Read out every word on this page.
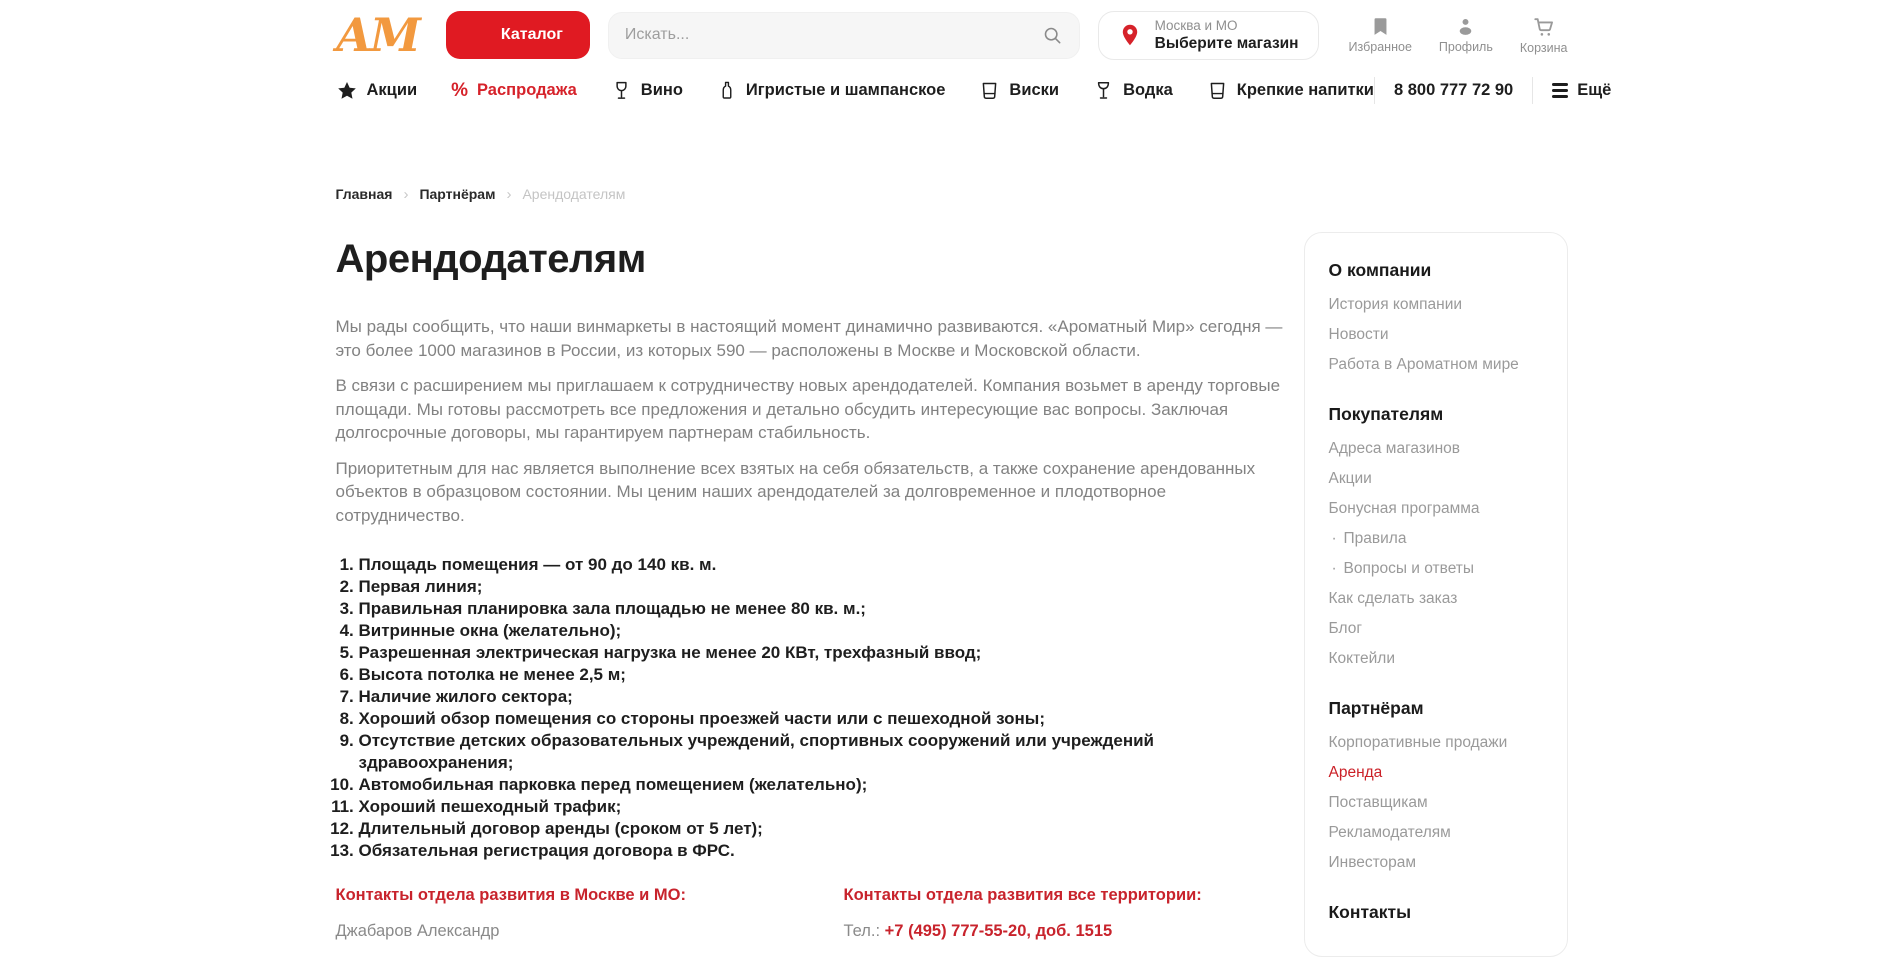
АМ	Каталог
Искать...
Москва и МО
Выберите магазин	Избранное Профиль Корзина
Акции % Распродажа	Вино	Игристые и шампанское	Виски	Водка	Крепкие напитки 8 800 777 72 90	Ещё
Главная › Партнёрам › Арендодателям
Арендодателям

Мы рады сообщить, что наши винмаркеты в настоящий момент динамично развиваются. «Ароматный Мир» сегодня — это более 1000 магазинов в России, из которых 590 — расположены в Москве и Московской области.

В связи с расширением мы приглашаем к сотрудничеству новых арендодателей. Компания возьмет в аренду торговые площади. Мы готовы рассмотреть все предложения и детально обсудить интересующие вас вопросы. Заключая долгосрочные договоры, мы гарантируем партнерам стабильность.

Приоритетным для нас является выполнение всех взятых на себя обязательств, а также сохранение арендованных объектов в образцовом состоянии. Мы ценим наших арендодателей за долговременное и плодотворное сотрудничество.

1. Площадь помещения — от 90 до 140 кв. м.
2. Первая линия;
3. Правильная планировка зала площадью не менее 80 кв. м.;
4. Витринные окна (желательно);
5. Разрешенная электрическая нагрузка не менее 20 КВт, трехфазный ввод;
6. Высота потолка не менее 2,5 м;
7. Наличие жилого сектора;
8. Хороший обзор помещения со стороны проезжей части или с пешеходной зоны;
9. Отсутствие детских образовательных учреждений, спортивных сооружений или учреждений здравоохранения;
10. Автомобильная парковка перед помещением (желательно);
11. Хороший пешеходный трафик;
12. Длительный договор аренды (сроком от 5 лет);
13. Обязательная регистрация договора в ФРС.
Контакты отдела развития в Москве и МО:
Джабаров Александр
Контакты отдела развития все территории:
Тел.: +7 (495) 777-55-20, доб. 1515
О компании
История компании
Новости
Работа в Ароматном мире
Покупателям
Адреса магазинов
Акции
Бонусная программа
· Правила
· Вопросы и ответы
Как сделать заказ
Блог
Коктейли
Партнёрам
Корпоративные продажи
Аренда
Поставщикам
Рекламодателям
Инвесторам
Контакты
